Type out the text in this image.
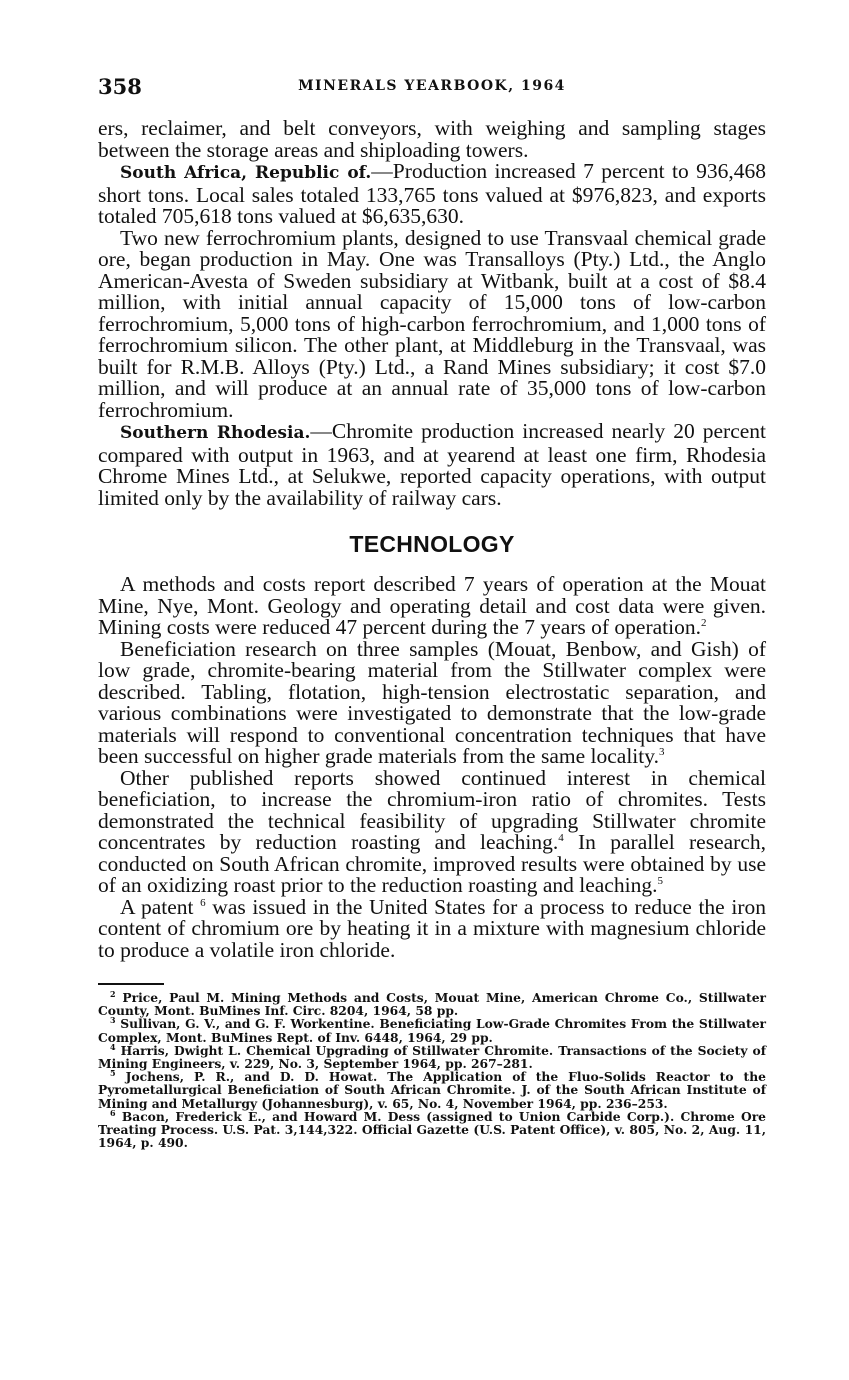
358	MINERALS YEARBOOK, 1964

ers, reclaimer, and belt conveyors, with weighing and sampling stages between the storage areas and shiploading towers.

South Africa, Republic of.—Production increased 7 percent to 936,468 short tons. Local sales totaled 133,765 tons valued at $976,823, and exports totaled 705,618 tons valued at $6,635,630.

Two new ferrochromium plants, designed to use Transvaal chemical grade ore, began production in May. One was Transalloys (Pty.) Ltd., the Anglo American-Avesta of Sweden subsidiary at Witbank, built at a cost of $8.4 million, with initial annual capacity of 15,000 tons of low-carbon ferrochromium, 5,000 tons of high-carbon ferrochromium, and 1,000 tons of ferrochromium silicon. The other plant, at Middleburg in the Transvaal, was built for R.M.B. Alloys (Pty.) Ltd., a Rand Mines subsidiary; it cost $7.0 million, and will produce at an annual rate of 35,000 tons of low-carbon ferrochromium.

Southern Rhodesia.—Chromite production increased nearly 20 percent compared with output in 1963, and at yearend at least one firm, Rhodesia Chrome Mines Ltd., at Selukwe, reported capacity operations, with output limited only by the availability of railway cars.

TECHNOLOGY

A methods and costs report described 7 years of operation at the Mouat Mine, Nye, Mont. Geology and operating detail and cost data were given. Mining costs were reduced 47 percent during the 7 years of operation.$^2$

Beneficiation research on three samples (Mouat, Benbow, and Gish) of low grade, chromite-bearing material from the Stillwater complex were described. Tabling, flotation, high-tension electrostatic separation, and various combinations were investigated to demonstrate that the low-grade materials will respond to conventional concentration techniques that have been successful on higher grade materials from the same locality.$^3$

Other published reports showed continued interest in chemical beneficiation, to increase the chromium-iron ratio of chromites. Tests demonstrated the technical feasibility of upgrading Stillwater chromite concentrates by reduction roasting and leaching.$^4$ In parallel research, conducted on South African chromite, improved results were obtained by use of an oxidizing roast prior to the reduction roasting and leaching.$^5$

A patent $^6$ was issued in the United States for a process to reduce the iron content of chromium ore by heating it in a mixture with magnesium chloride to produce a volatile iron chloride.

$^2$ Price, Paul M. Mining Methods and Costs, Mouat Mine, American Chrome Co., Stillwater County, Mont. BuMines Inf. Circ. 8204, 1964, 58 pp.

$^3$ Sullivan, G. V., and G. F. Workentine. Beneficiating Low-Grade Chromites From the Stillwater Complex, Mont. BuMines Rept. of Inv. 6448, 1964, 29 pp.

$^4$ Harris, Dwight L. Chemical Upgrading of Stillwater Chromite. Transactions of the Society of Mining Engineers, v. 229, No. 3, September 1964, pp. 267–281.

$^5$ Jochens, P. R., and D. D. Howat. The Application of the Fluo-Solids Reactor to the Pyrometallurgical Beneficiation of South African Chromite. J. of the South African Institute of Mining and Metallurgy (Johannesburg), v. 65, No. 4, November 1964, pp. 236–253.

$^6$ Bacon, Frederick E., and Howard M. Dess (assigned to Union Carbide Corp.). Chrome Ore Treating Process. U.S. Pat. 3,144,322. Official Gazette (U.S. Patent Office), v. 805, No. 2, Aug. 11, 1964, p. 490.
